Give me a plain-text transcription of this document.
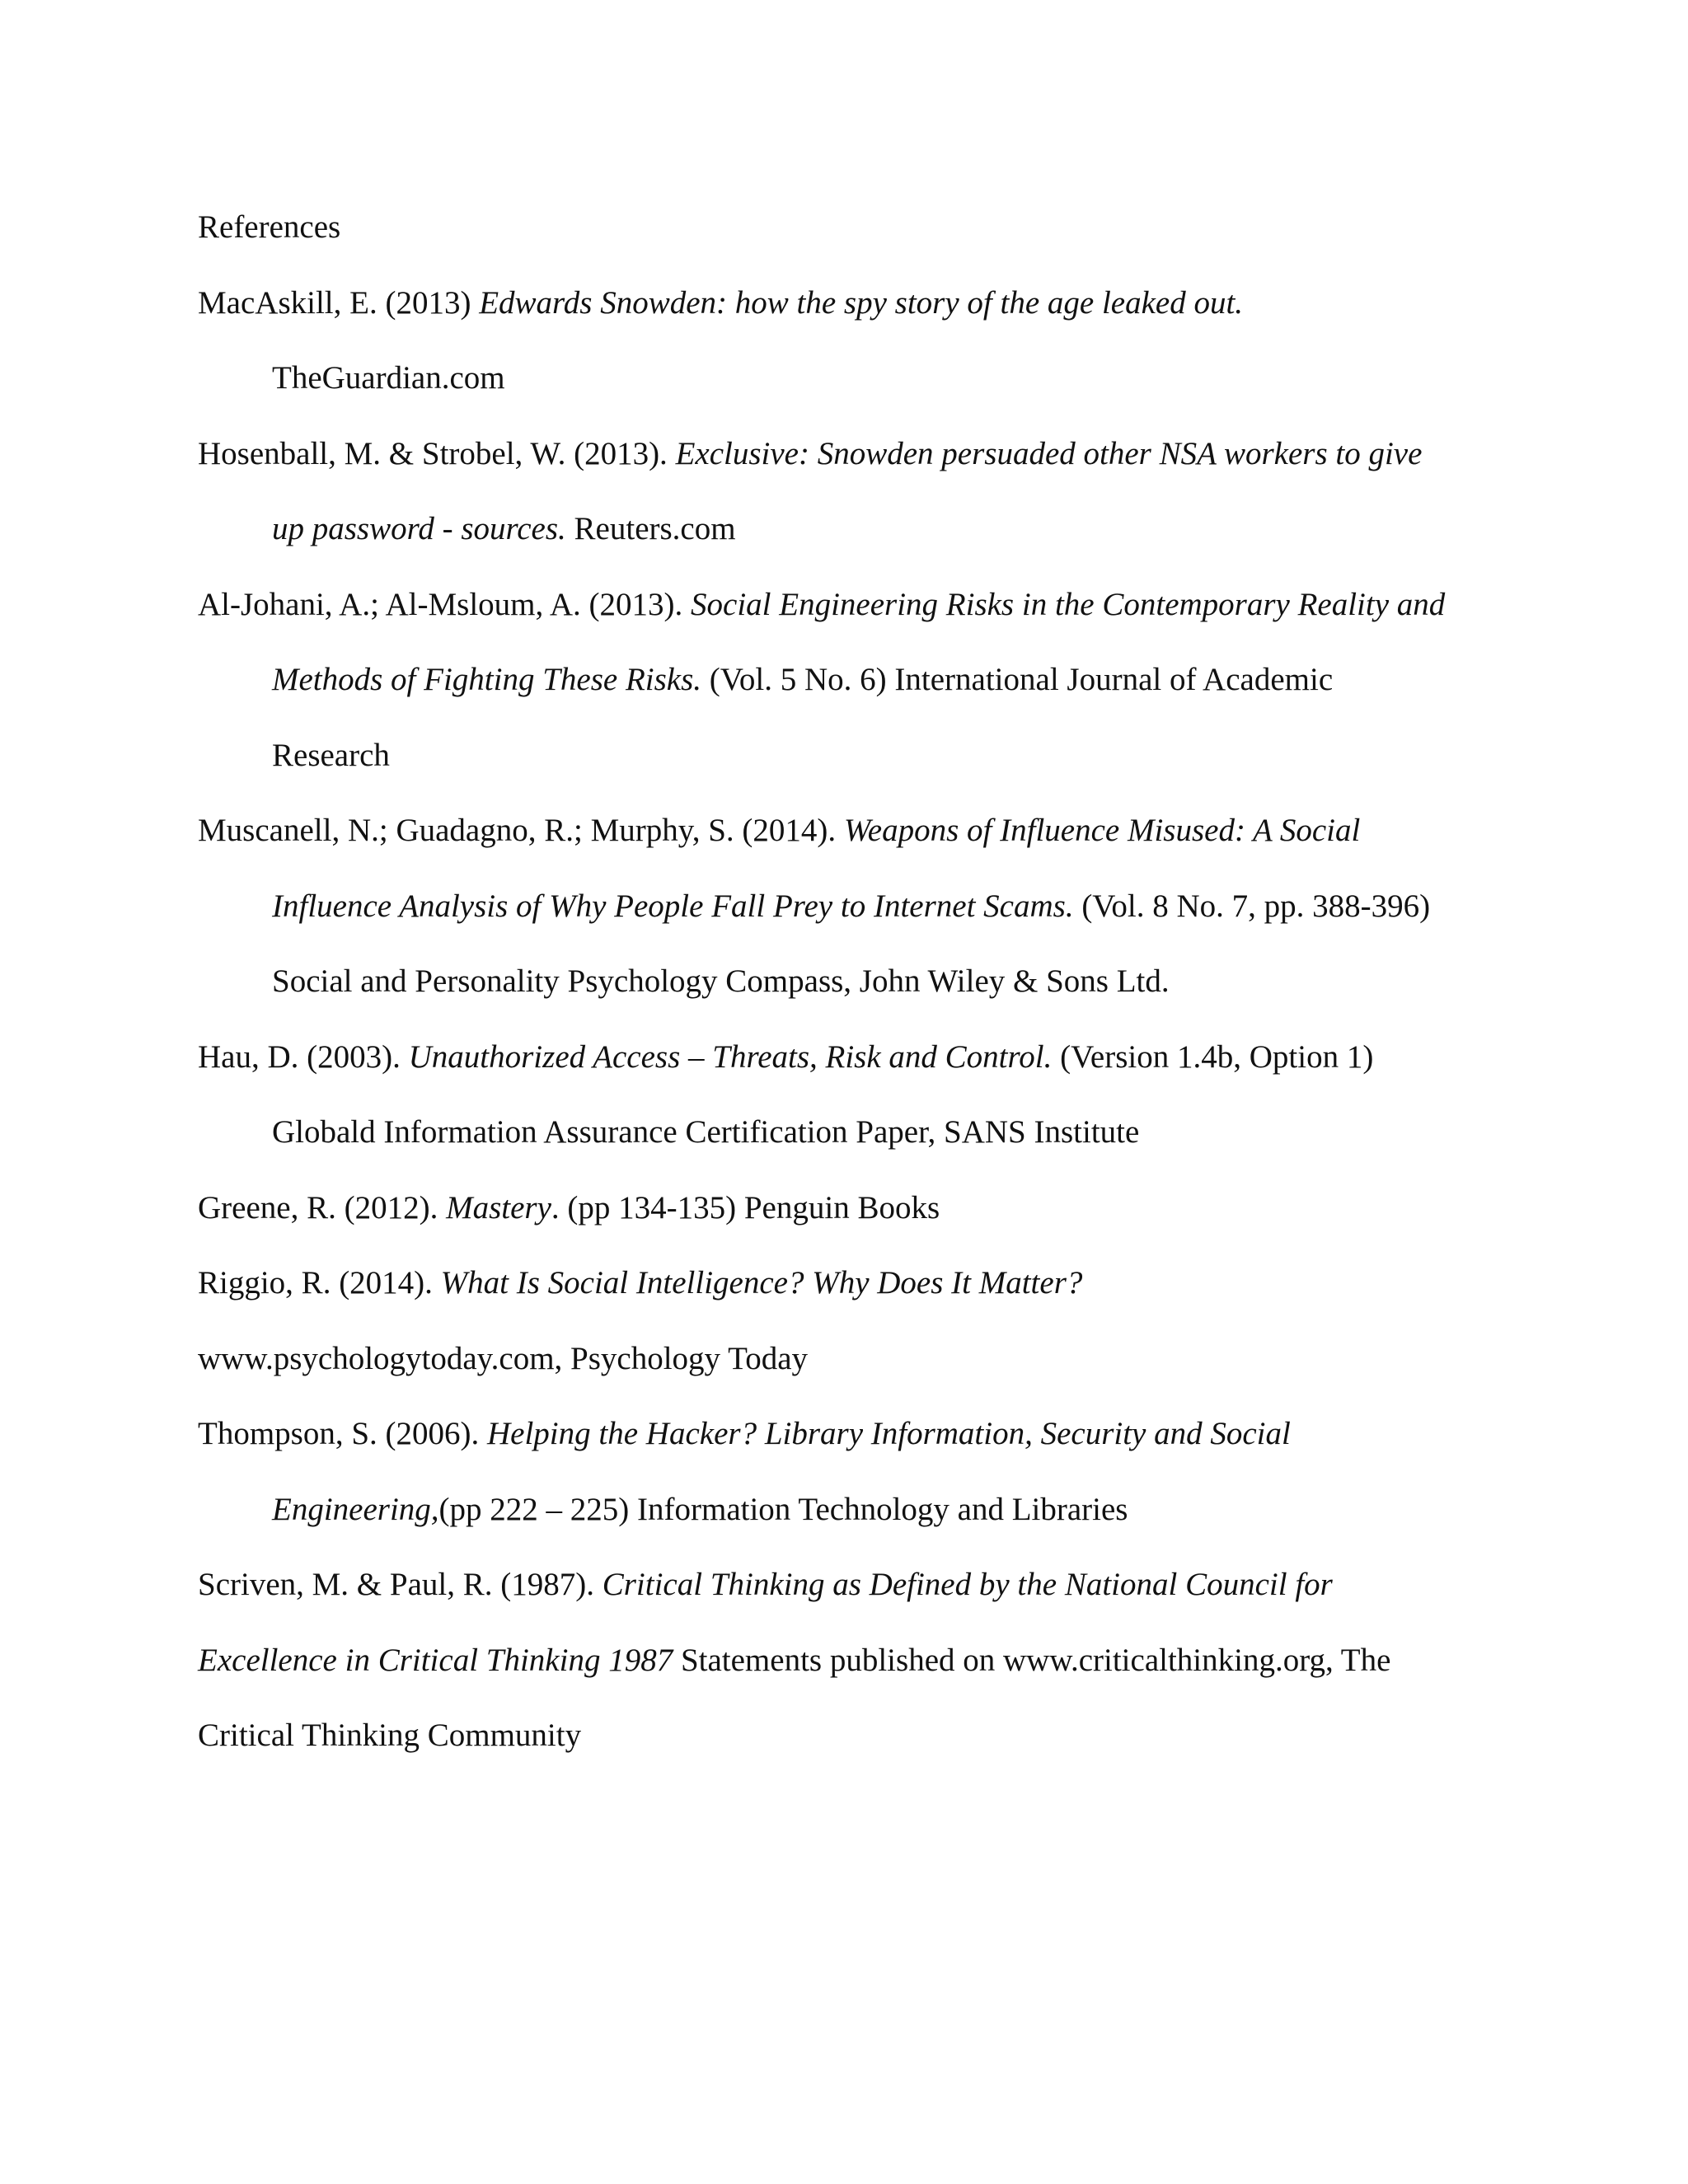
References
MacAskill, E. (2013) Edwards Snowden: how the spy story of the age leaked out.
TheGuardian.com
Hosenball, M. & Strobel, W. (2013). Exclusive: Snowden persuaded other NSA workers to give
up password - sources. Reuters.com
Al-Johani, A.; Al-Msloum, A. (2013). Social Engineering Risks in the Contemporary Reality and
Methods of Fighting These Risks. (Vol. 5 No. 6) International Journal of Academic
Research
Muscanell, N.; Guadagno, R.; Murphy, S. (2014). Weapons of Influence Misused: A Social
Influence Analysis of Why People Fall Prey to Internet Scams. (Vol. 8 No. 7, pp. 388-396)
Social and Personality Psychology Compass, John Wiley & Sons Ltd.
Hau, D. (2003). Unauthorized Access – Threats, Risk and Control. (Version 1.4b, Option 1)
Globald Information Assurance Certification Paper, SANS Institute
Greene, R. (2012). Mastery. (pp 134-135) Penguin Books
Riggio, R. (2014). What Is Social Intelligence? Why Does It Matter?
www.psychologytoday.com, Psychology Today
Thompson, S. (2006). Helping the Hacker? Library Information, Security and Social
Engineering,(pp 222 – 225) Information Technology and Libraries
Scriven, M. & Paul, R. (1987). Critical Thinking as Defined by the National Council for
Excellence in Critical Thinking 1987 Statements published on www.criticalthinking.org, The
Critical Thinking Community
